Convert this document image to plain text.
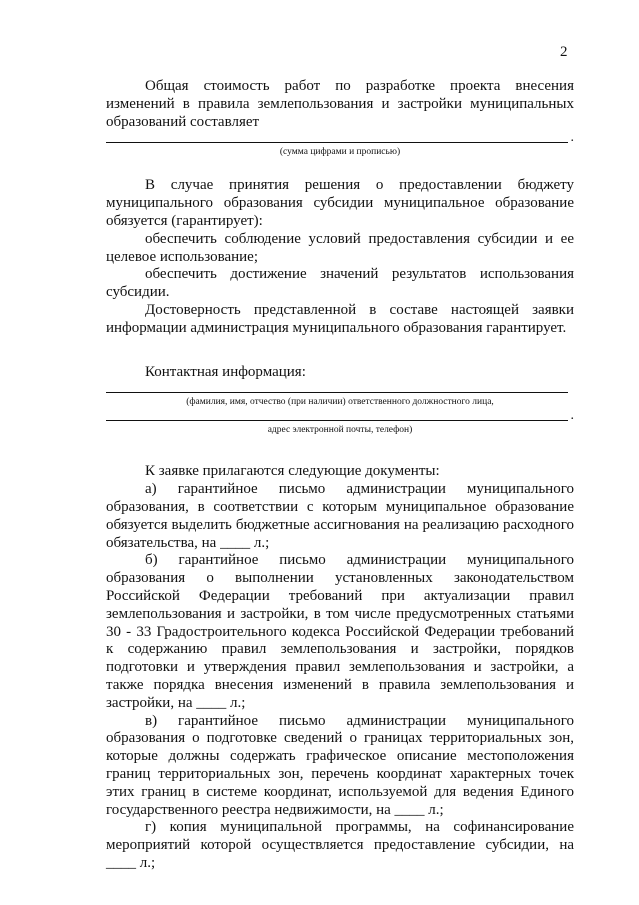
2

Общая стоимость работ по разработке проекта внесения изменений в правила землепользования и застройки муниципальных образований составляет

.
(сумма цифрами и прописью)

В случае принятия решения о предоставлении бюджету муниципального образования субсидии муниципальное образование обязуется (гарантирует):

обеспечить соблюдение условий предоставления субсидии и ее целевое использование;

обеспечить достижение значений результатов использования субсидии.

Достоверность представленной в составе настоящей заявки информации администрация муниципального образования гарантирует.

Контактная информация:

(фамилия, имя, отчество (при наличии) ответственного должностного лица,
.
адрес электронной почты, телефон)

К заявке прилагаются следующие документы:

а) гарантийное письмо администрации муниципального образования, в соответствии с которым муниципальное образование обязуется выделить бюджетные ассигнования на реализацию расходного обязательства, на ____ л.;

б) гарантийное письмо администрации муниципального образования о выполнении установленных законодательством Российской Федерации требований при актуализации правил землепользования и застройки, в том числе предусмотренных статьями 30 - 33 Градостроительного кодекса Российской Федерации требований к содержанию правил землепользования и застройки, порядков подготовки и утверждения правил землепользования и застройки, а также порядка внесения изменений в правила землепользования и застройки, на ____ л.;

в) гарантийное письмо администрации муниципального образования о подготовке сведений о границах территориальных зон, которые должны содержать графическое описание местоположения границ территориальных зон, перечень координат характерных точек этих границ в системе координат, используемой для ведения Единого государственного реестра недвижимости, на ____ л.;

г) копия муниципальной программы, на софинансирование мероприятий которой осуществляется предоставление субсидии, на ____ л.;
